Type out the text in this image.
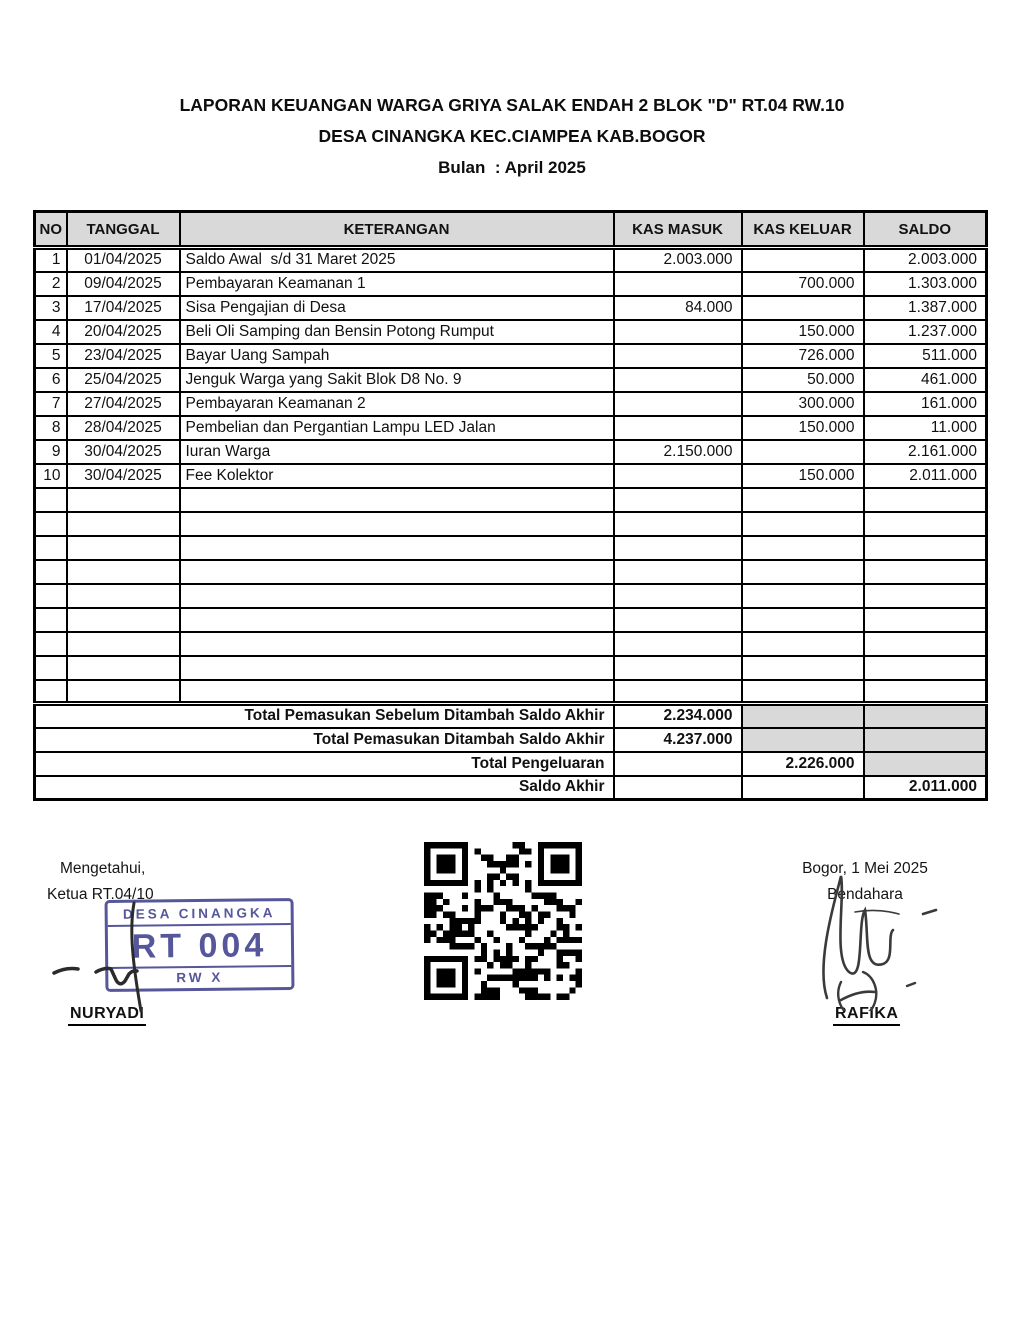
LAPORAN KEUANGAN WARGA GRIYA SALAK ENDAH 2 BLOK "D" RT.04 RW.10
DESA CINANGKA KEC.CIAMPEA KAB.BOGOR
Bulan  : April 2025
NO	TANGGAL	KETERANGAN	KAS MASUK	KAS KELUAR	SALDO
1	01/04/2025	Saldo Awal  s/d 31 Maret 2025	2.003.000		2.003.000
2	09/04/2025	Pembayaran Keamanan 1		700.000	1.303.000
3	17/04/2025	Sisa Pengajian di Desa	84.000		1.387.000
4	20/04/2025	Beli Oli Samping dan Bensin Potong Rumput		150.000	1.237.000
5	23/04/2025	Bayar Uang Sampah		726.000	511.000
6	25/04/2025	Jenguk Warga yang Sakit Blok D8 No. 9		50.000	461.000
7	27/04/2025	Pembayaran Keamanan 2		300.000	161.000
8	28/04/2025	Pembelian dan Pergantian Lampu LED Jalan		150.000	11.000
9	30/04/2025	Iuran Warga	2.150.000		2.161.000
10	30/04/2025	Fee Kolektor		150.000	2.011.000

Total Pemasukan Sebelum Ditambah Saldo Akhir			2.234.000		
Total Pemasukan Ditambah Saldo Akhir			4.237.000		
Total Pengeluaran				2.226.000	
Saldo Akhir					2.011.000
Mengetahui,
Ketua RT.04/10
DESA CINANGKA
RT 004
RW X
NURYADI
Bogor, 1 Mei 2025
Bendahara
RAFIKA
